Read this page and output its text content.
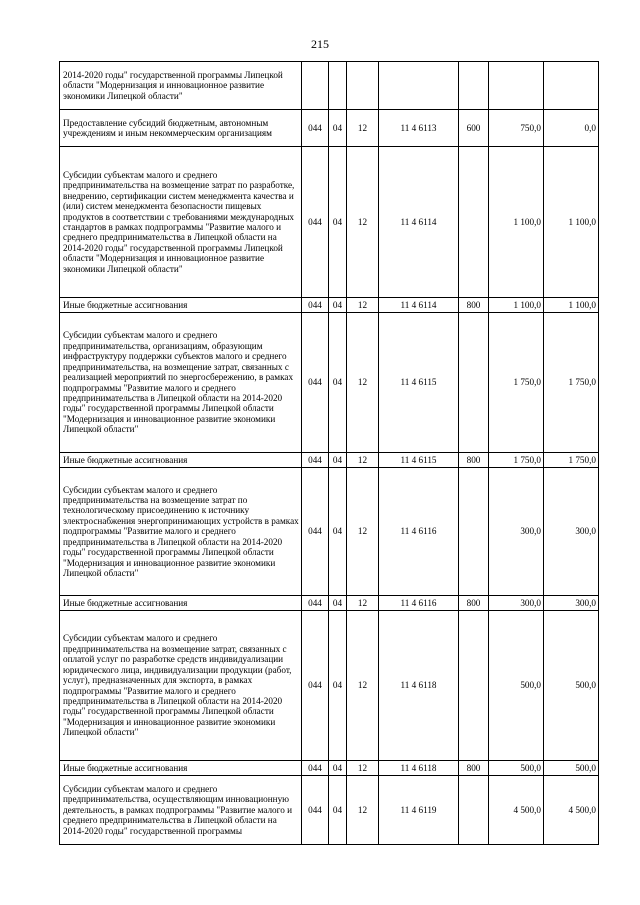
215
2014-2020 годы" государственной программы Липецкой области "Модернизация и инновационное развитие экономики Липецкой области"							
Предоставление субсидий бюджетным, автономным учреждениям и иным некоммерческим организациям	044	04	12	11 4 6113	600	750,0	0,0
Субсидии субъектам малого и среднего предпринимательства на возмещение затрат по разработке, внедрению, сертификации систем менеджмента качества и (или) систем менеджмента безопасности пищевых продуктов в соответствии с требованиями международных стандартов в рамках подпрограммы "Развитие малого и среднего предпринимательства в Липецкой области на 2014-2020 годы" государственной программы Липецкой области "Модернизация и инновационное развитие экономики Липецкой области"	044	04	12	11 4 6114		1 100,0	1 100,0
Иные бюджетные ассигнования	044	04	12	11 4 6114	800	1 100,0	1 100,0
Субсидии субъектам малого и среднего предпринимательства, организациям, образующим инфраструктуру поддержки субъектов малого и среднего предпринимательства, на возмещение затрат, связанных с реализацией мероприятий по энергосбережению, в рамках подпрограммы "Развитие малого и среднего предпринимательства в Липецкой области на 2014-2020 годы" государственной программы Липецкой области "Модернизация и инновационное развитие экономики Липецкой области"	044	04	12	11 4 6115		1 750,0	1 750,0
Иные бюджетные ассигнования	044	04	12	11 4 6115	800	1 750,0	1 750,0
Субсидии субъектам малого и среднего предпринимательства на возмещение затрат по технологическому присоединению к источнику электроснабжения энергопринимающих устройств в рамках подпрограммы "Развитие малого и среднего предпринимательства в Липецкой области на 2014-2020 годы" государственной программы Липецкой области "Модернизация и инновационное развитие экономики Липецкой области"	044	04	12	11 4 6116		300,0	300,0
Иные бюджетные ассигнования	044	04	12	11 4 6116	800	300,0	300,0
Субсидии субъектам малого и среднего предпринимательства на возмещение затрат, связанных с оплатой услуг по разработке средств индивидуализации юридического лица, индивидуализации продукции (работ, услуг), предназначенных для экспорта, в рамках подпрограммы "Развитие малого и среднего предпринимательства в Липецкой области на 2014-2020 годы" государственной программы Липецкой области "Модернизация и инновационное развитие экономики Липецкой области"	044	04	12	11 4 6118		500,0	500,0
Иные бюджетные ассигнования	044	04	12	11 4 6118	800	500,0	500,0
Субсидии субъектам малого и среднего предпринимательства, осуществляющим инновационную деятельность, в рамках подпрограммы "Развитие малого и среднего предпринимательства в Липецкой области на 2014-2020 годы" государственной программы	044	04	12	11 4 6119		4 500,0	4 500,0
